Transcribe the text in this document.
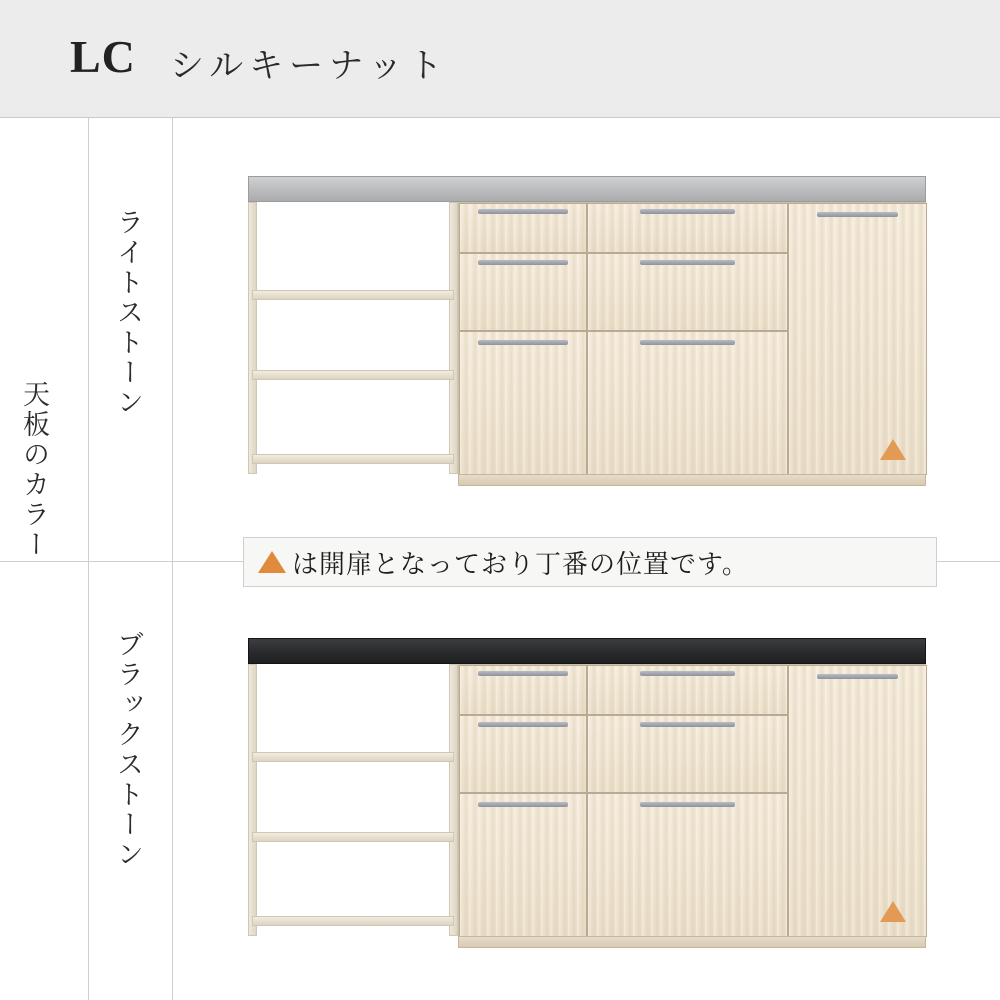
LC シルキーナット
天板のカラー
ライトストーン
ブラックストーン
は開扉となっており丁番の位置です。
